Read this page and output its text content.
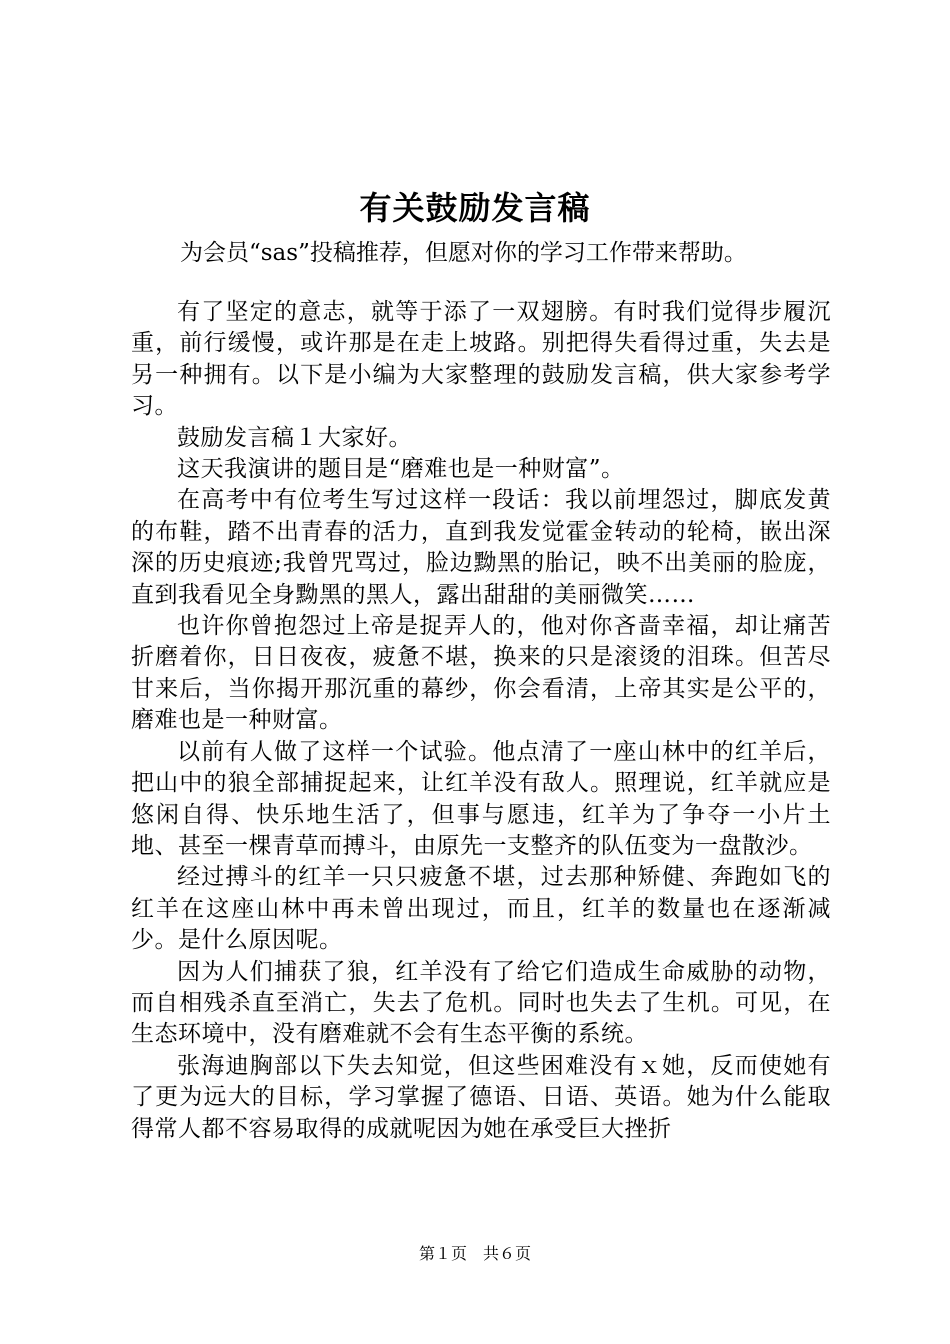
有关鼓励发言稿
为会员“sas”投稿推荐，但愿对你的学习工作带来帮助。

有了坚定的意志，就等于添了一双翅膀。有时我们觉得步履沉重，前行缓慢，或许那是在走上坡路。别把得失看得过重，失去是另一种拥有。以下是小编为大家整理的鼓励发言稿，供大家参考学习。

鼓励发言稿１大家好。

这天我演讲的题目是“磨难也是一种财富”。

在高考中有位考生写过这样一段话：我以前埋怨过，脚底发黄的布鞋，踏不出青春的活力，直到我发觉霍金转动的轮椅，嵌出深深的历史痕迹;我曾咒骂过，脸边黝黑的胎记，映不出美丽的脸庞，直到我看见全身黝黑的黑人，露出甜甜的美丽微笑……

也许你曾抱怨过上帝是捉弄人的，他对你吝啬幸福，却让痛苦折磨着你，日日夜夜，疲惫不堪，换来的只是滚烫的泪珠。但苦尽甘来后，当你揭开那沉重的幕纱，你会看清，上帝其实是公平的，磨难也是一种财富。

以前有人做了这样一个试验。他点清了一座山林中的红羊后，把山中的狼全部捕捉起来，让红羊没有敌人。照理说，红羊就应是悠闲自得、快乐地生活了，但事与愿违，红羊为了争夺一小片土地、甚至一棵青草而搏斗，由原先一支整齐的队伍变为一盘散沙。

经过搏斗的红羊一只只疲惫不堪，过去那种矫健、奔跑如飞的红羊在这座山林中再未曾出现过，而且，红羊的数量也在逐渐减少。是什么原因呢。

因为人们捕获了狼，红羊没有了给它们造成生命威胁的动物，而自相残杀直至消亡，失去了危机。同时也失去了生机。可见，在生态环境中，没有磨难就不会有生态平衡的系统。

张海迪胸部以下失去知觉，但这些困难没有ｘ她，反而使她有了更为远大的目标，学习掌握了德语、日语、英语。她为什么能取得常人都不容易取得的成就呢因为她在承受巨大挫折

第１页　共６页
